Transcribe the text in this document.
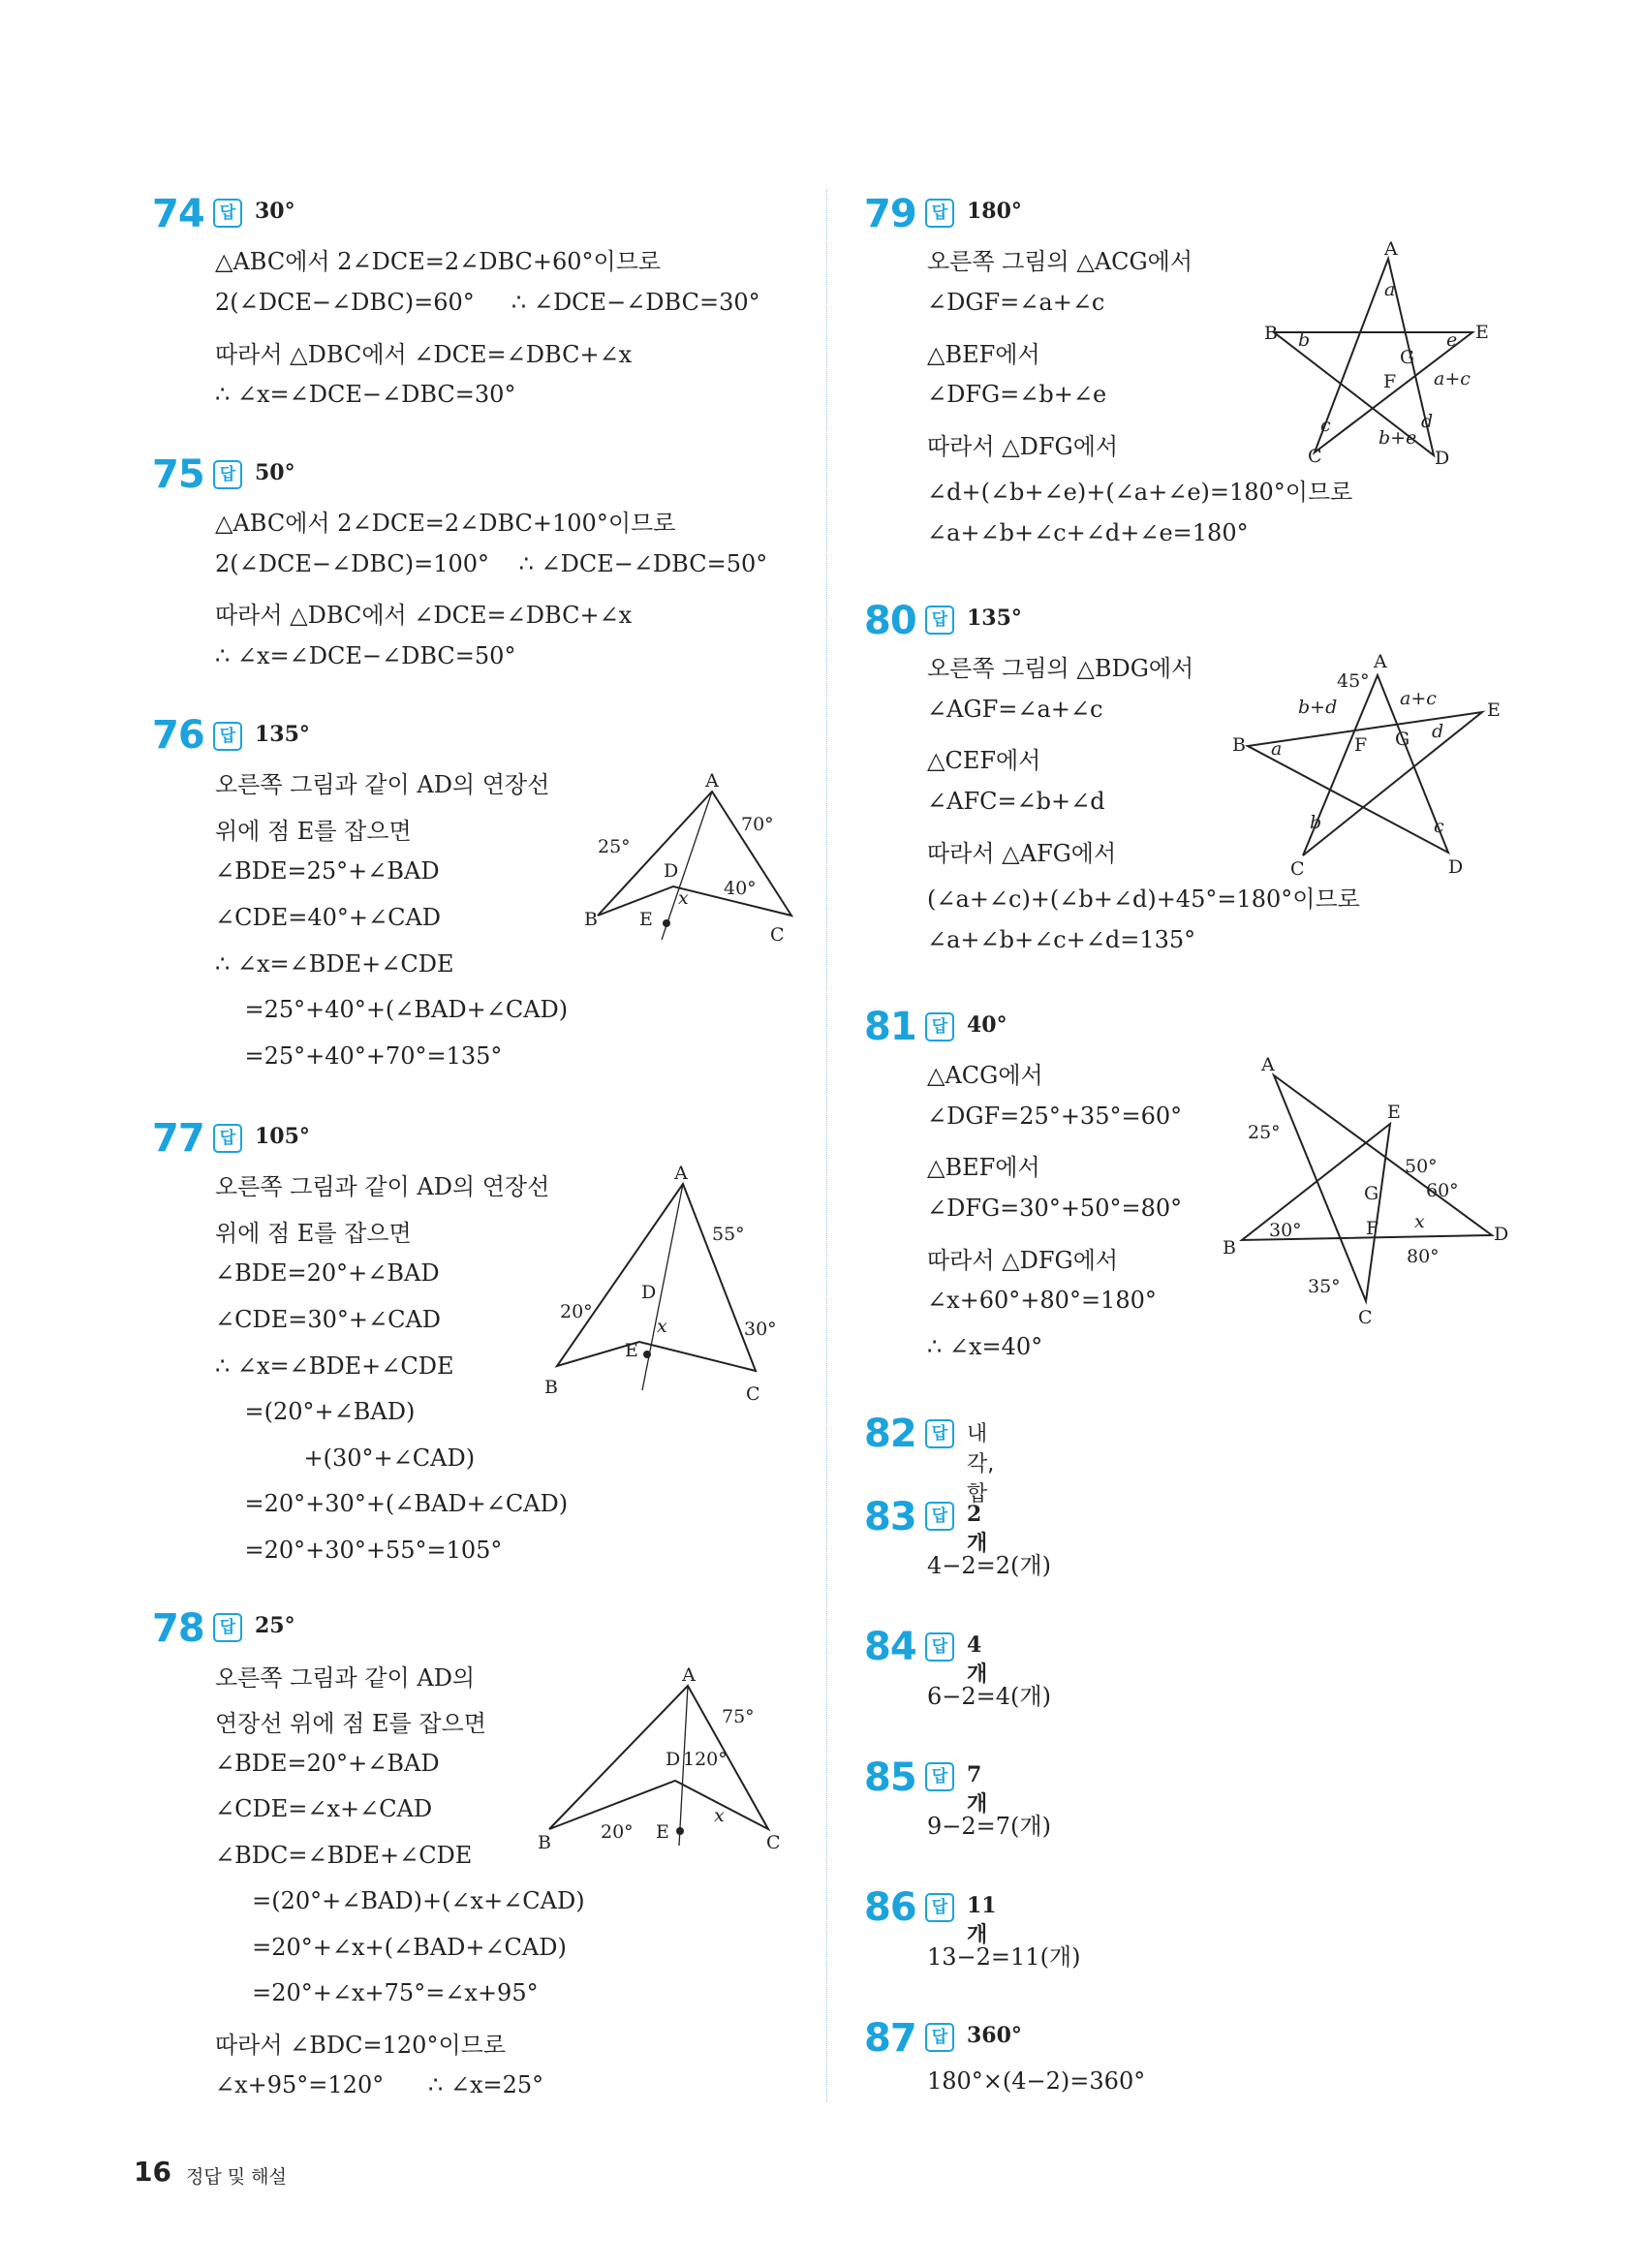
74 답 30°
△ABC에서 2∠DCE=2∠DBC+60°이므로
2(∠DCE−∠DBC)=60°     ∴ ∠DCE−∠DBC=30°
따라서 △DBC에서 ∠DCE=∠DBC+∠x
∴ ∠x=∠DCE−∠DBC=30°
75 답 50°
△ABC에서 2∠DCE=2∠DBC+100°이므로
2(∠DCE−∠DBC)=100°    ∴ ∠DCE−∠DBC=50°
따라서 △DBC에서 ∠DCE=∠DBC+∠x
∴ ∠x=∠DCE−∠DBC=50°
76 답 135°
오른쪽 그림과 같이 AD의 연장선
위에 점 E를 잡으면
∠BDE=25°+∠BAD
∠CDE=40°+∠CAD
∴ ∠x=∠BDE+∠CDE
=25°+40°+(∠BAD+∠CAD)
=25°+40°+70°=135°
A
B
C
D
E
x
25°
70°
40°
77 답 105°
오른쪽 그림과 같이 AD의 연장선
위에 점 E를 잡으면
∠BDE=20°+∠BAD
∠CDE=30°+∠CAD
∴ ∠x=∠BDE+∠CDE
=(20°+∠BAD)
+(30°+∠CAD)
=20°+30°+(∠BAD+∠CAD)
=20°+30°+55°=105°
A
B	C
D
E
x
20°
55°
30°
78 답 25°
오른쪽 그림과 같이 AD의
연장선 위에 점 E를 잡으면
∠BDE=20°+∠BAD
∠CDE=∠x+∠CAD
∠BDC=∠BDE+∠CDE
=(20°+∠BAD)+(∠x+∠CAD)
=20°+∠x+(∠BAD+∠CAD)
=20°+∠x+75°=∠x+95°
따라서 ∠BDC=120°이므로
∠x+95°=120°      ∴ ∠x=25°
A
B	C
D
E
x
20°
75°
120°
79 답 180°
오른쪽 그림의 △ACG에서
∠DGF=∠a+∠c
△BEF에서
∠DFG=∠b+∠e
따라서 △DFG에서
∠d+(∠b+∠e)+(∠a+∠e)=180°이므로
∠a+∠b+∠c+∠d+∠e=180°
A
B
C	D
E
F
G
a
b
c	d
e
a+c
b+e
80 답 135°
오른쪽 그림의 △BDG에서
∠AGF=∠a+∠c
△CEF에서
∠AFC=∠b+∠d
따라서 △AFG에서
(∠a+∠c)+(∠b+∠d)+45°=180°이므로
∠a+∠b+∠c+∠d=135°
A
B
C	D
E
F G
a
b	c
d
45°
b+d	a+c
81 답 40°
△ACG에서
∠DGF=25°+35°=60°
△BEF에서
∠DFG=30°+50°=80°
따라서 △DFG에서
∠x+60°+80°=180°
∴ ∠x=40°
A
B
C
D
E
F
G
x
25°
30°
35°
50°
60°
80°
82 답 내각, 합
83 답 2개
4−2=2(개)
84 답 4개
6−2=4(개)
85 답 7개
9−2=7(개)
86 답 11개
13−2=11(개)
87 답 360°
180°×(4−2)=360°
16 정답 및 해설
